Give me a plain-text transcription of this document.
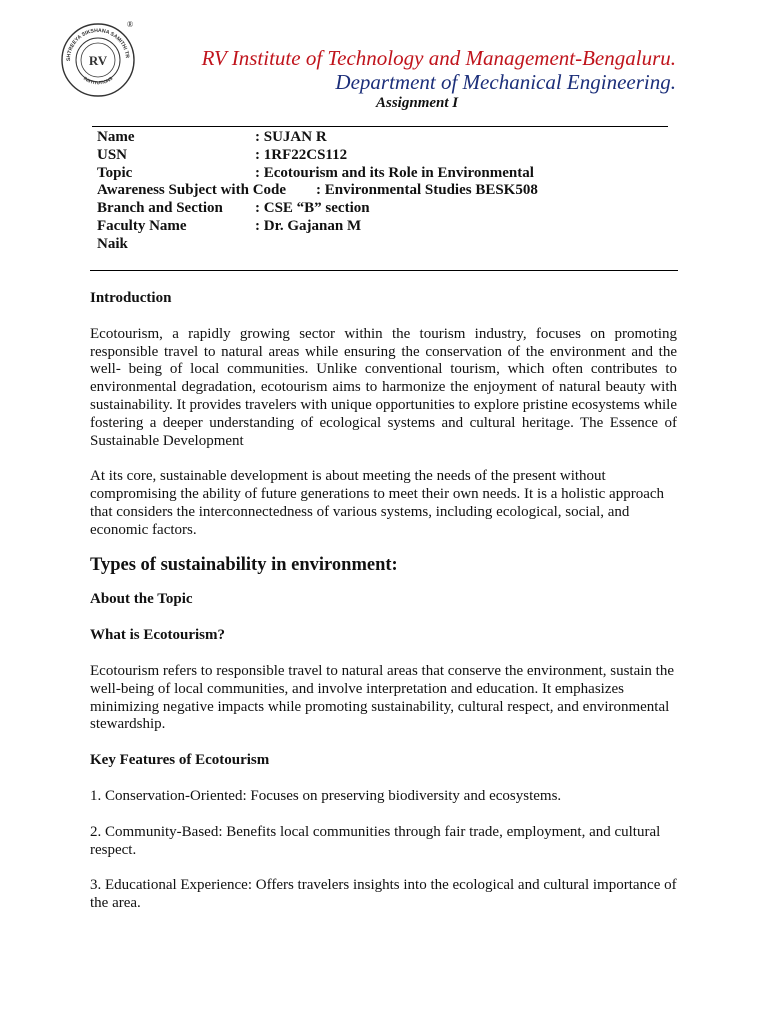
SHTREEYA SIKSHANA SAMITHI TR
INSTITUTIONS
RV
®
RV Institute of Technology and Management-Bengaluru.
Department of Mechanical Engineering.
Assignment I
Name	: SUJAN R
USN	: 1RF22CS112
Topic	: Ecotourism and its Role in Environmental
Awareness Subject with Code : Environmental Studies BESK508
Branch and Section : CSE “B” section
Faculty Name	: Dr. Gajanan M
Naik

Introduction

Ecotourism, a rapidly growing sector within the tourism industry, focuses on promoting responsible travel to natural areas while ensuring the conservation of the environment and the well- being of local communities. Unlike conventional tourism, which often contributes to environmental degradation, ecotourism aims to harmonize the enjoyment of natural beauty with sustainability. It provides travelers with unique opportunities to explore pristine ecosystems while fostering a deeper understanding of ecological systems and cultural heritage. The Essence of Sustainable Development

At its core, sustainable development is about meeting the needs of the present without compromising the ability of future generations to meet their own needs. It is a holistic approach that considers the interconnectedness of various systems, including ecological, social, and economic factors.

Types of sustainability in environment:

About the Topic

What is Ecotourism?

Ecotourism refers to responsible travel to natural areas that conserve the environment, sustain the well-being of local communities, and involve interpretation and education. It emphasizes minimizing negative impacts while promoting sustainability, cultural respect, and environmental stewardship.

Key Features of Ecotourism

1. Conservation-Oriented: Focuses on preserving biodiversity and ecosystems.

2. Community-Based: Benefits local communities through fair trade, employment, and cultural respect.

3. Educational Experience: Offers travelers insights into the ecological and cultural importance of the area.
